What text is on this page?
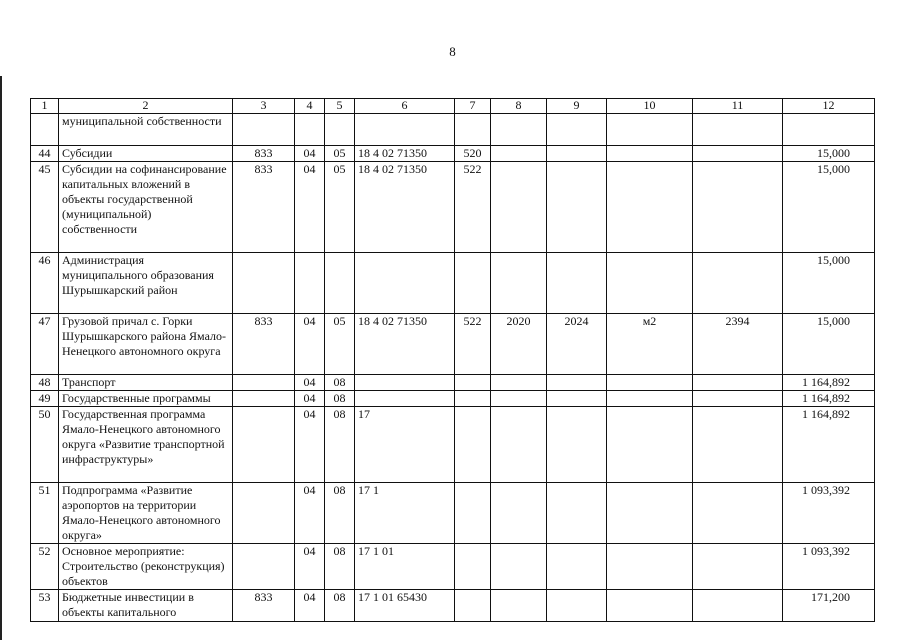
8
1	2	3	4	5	6	7	8	9	10	11	12
	муниципальной собственности										
44	Субсидии	833	04	05	18 4 02 71350	520					15,000
45	Субсидии на софинансирование капитальных вложений в объекты государственной (муниципальной) собственности	833	04	05	18 4 02 71350	522					15,000
46	Администрация муниципального образования Шурышкарский район										15,000
47	Грузовой причал с. Горки Шурышкарского района Ямало-Ненецкого автономного округа	833	04	05	18 4 02 71350	522	2020	2024	м2	2394	15,000
48	Транспорт		04	08							1 164,892
49	Государственные программы		04	08							1 164,892
50	Государственная программа Ямало-Ненецкого автономного округа «Развитие транспортной инфраструктуры»		04	08	17						1 164,892
51	Подпрограмма «Развитие аэропортов на территории Ямало-Ненецкого автономного округа»		04	08	17 1						1 093,392
52	Основное мероприятие: Строительство (реконструкция) объектов		04	08	17 1 01						1 093,392
53	Бюджетные инвестиции в объекты капитального	833	04	08	17 1 01 65430						171,200
